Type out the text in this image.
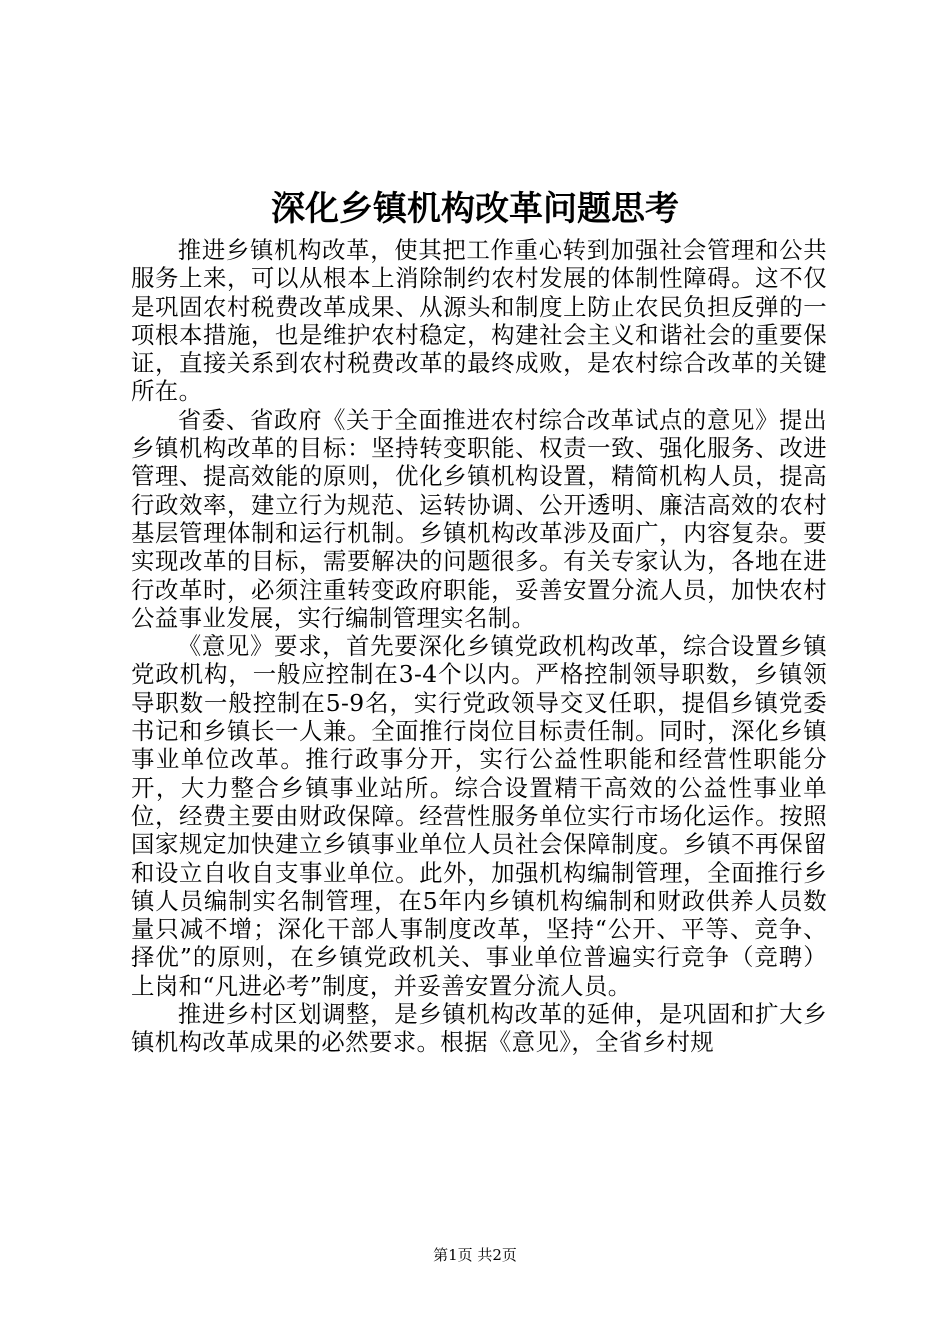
深化乡镇机构改革问题思考

推进乡镇机构改革，使其把工作重心转到加强社会管理和公共服务上来，可以从根本上消除制约农村发展的体制性障碍。这不仅是巩固农村税费改革成果、从源头和制度上防止农民负担反弹的一项根本措施，也是维护农村稳定，构建社会主义和谐社会的重要保证，直接关系到农村税费改革的最终成败，是农村综合改革的关键所在。

省委、省政府《关于全面推进农村综合改革试点的意见》提出乡镇机构改革的目标：坚持转变职能、权责一致、强化服务、改进管理、提高效能的原则，优化乡镇机构设置，精简机构人员，提高行政效率，建立行为规范、运转协调、公开透明、廉洁高效的农村基层管理体制和运行机制。乡镇机构改革涉及面广，内容复杂。要实现改革的目标，需要解决的问题很多。有关专家认为，各地在进行改革时，必须注重转变政府职能，妥善安置分流人员，加快农村公益事业发展，实行编制管理实名制。

《意见》要求，首先要深化乡镇党政机构改革，综合设置乡镇党政机构，一般应控制在3-4个以内。严格控制领导职数，乡镇领导职数一般控制在5-9名，实行党政领导交叉任职，提倡乡镇党委书记和乡镇长一人兼。全面推行岗位目标责任制。同时，深化乡镇事业单位改革。推行政事分开，实行公益性职能和经营性职能分开，大力整合乡镇事业站所。综合设置精干高效的公益性事业单位，经费主要由财政保障。经营性服务单位实行市场化运作。按照国家规定加快建立乡镇事业单位人员社会保障制度。乡镇不再保留和设立自收自支事业单位。此外，加强机构编制管理，全面推行乡镇人员编制实名制管理，在5年内乡镇机构编制和财政供养人员数量只减不增；深化干部人事制度改革，坚持“公开、平等、竞争、择优”的原则，在乡镇党政机关、事业单位普遍实行竞争（竞聘）上岗和“凡进必考”制度，并妥善安置分流人员。

推进乡村区划调整，是乡镇机构改革的延伸，是巩固和扩大乡镇机构改革成果的必然要求。根据《意见》，全省乡村规

第1页 共2页
